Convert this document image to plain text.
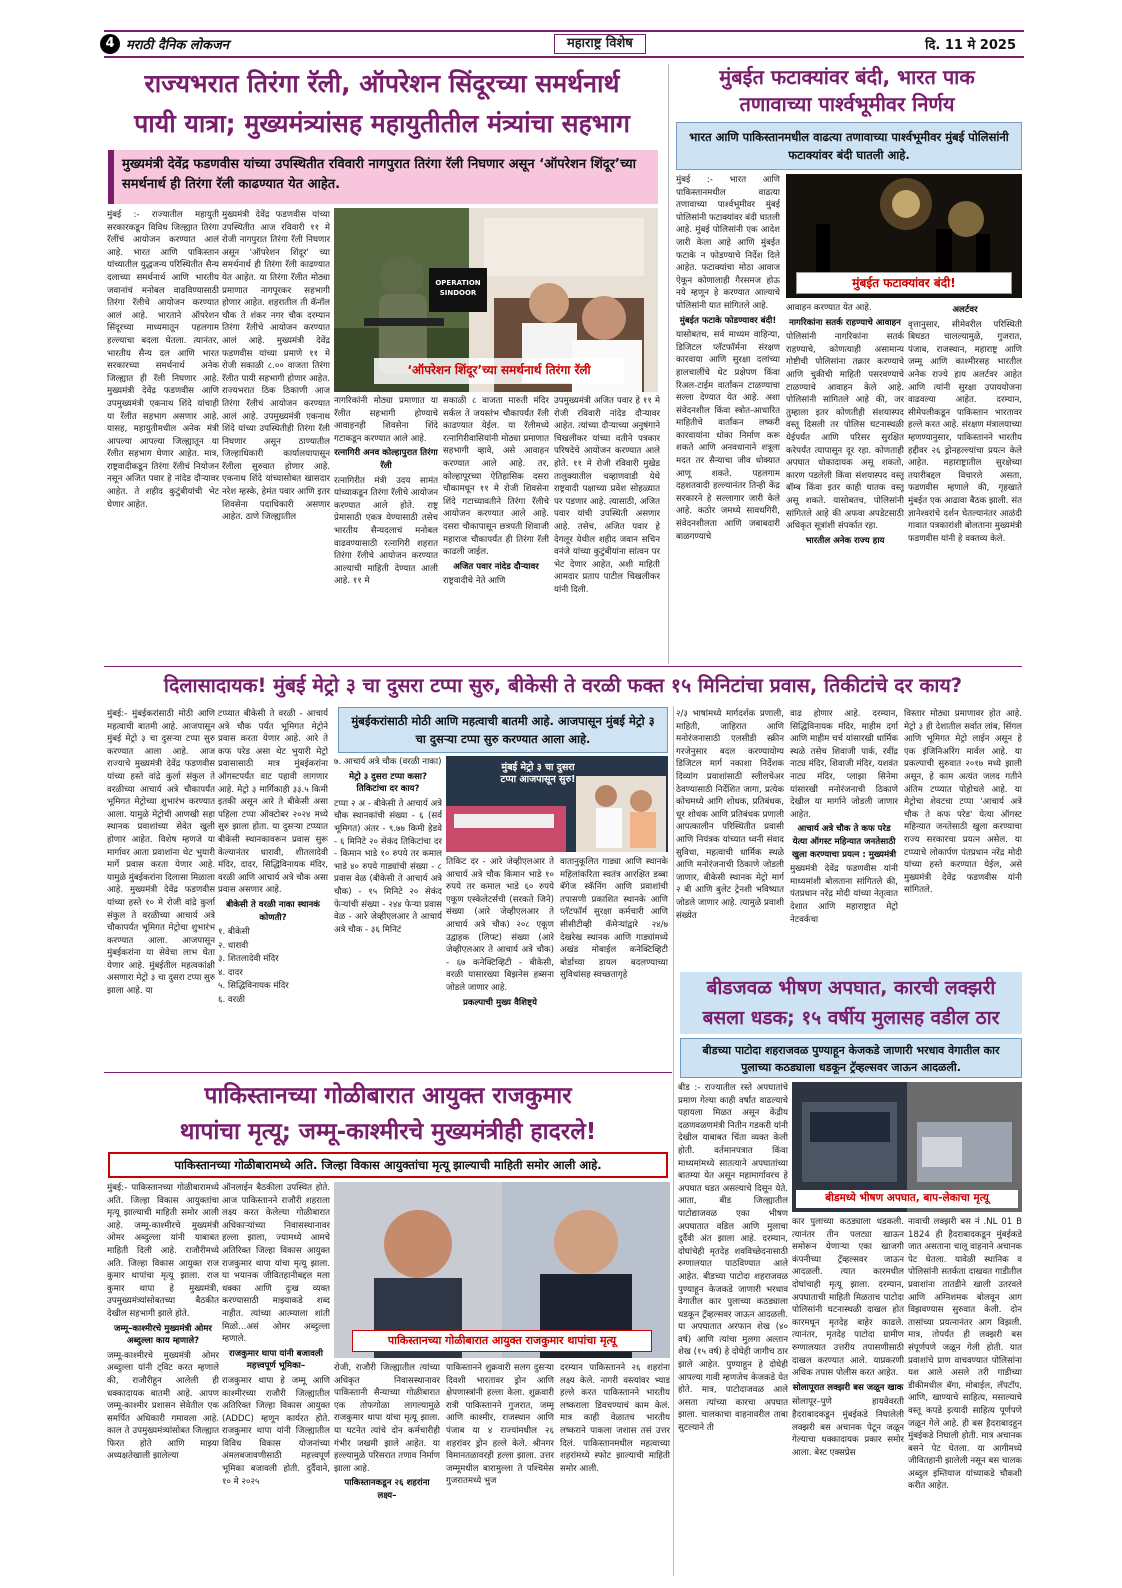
4 मराठी दैनिक लोकजन	महाराष्ट्र विशेष	दि. 11 मे 2025
राज्यभरात तिरंगा रॅली, ऑपरेशन सिंदूरच्या समर्थनार्थ
पायी यात्रा; मुख्यमंत्र्यांसह महायुतीतील मंत्र्यांचा सहभाग
मुख्यमंत्री देवेंद्र फडणवीस यांच्या उपस्थितीत रविवारी नागपुरात तिरंगा रॅली निघणार असून ‘ऑपरेशन शिंदूर’च्या समर्थनार्थ ही तिरंगा रॅली काढण्यात येत आहेत.

मुंबई :- राज्यातील महायुती सरकारकडून विविध जिल्ह्यात तिरंगा रॅलींचं आयोजन करण्यात आलं आहे. भारत आणि पाकिस्तान यांच्यातील युद्धजन्य परिस्थितीत सैन्य दलाच्या समर्थनार्थ आणि भारतीय जवानांचं मनोबल वाढविण्यासाठी तिरंगा रॅलीचे आयोजन करण्यात आलं आहे. भारताने ऑपरेशन सिंदूरच्या माध्यमातून पहलगाम हल्ल्याचा बदला घेतला. त्यानंतर, भारतीय सैन्य दल आणि भारत सरकारच्या समर्थनार्थ अनेक जिल्ह्यात ही रॅली निघणार आहे. मुख्यमंत्री देवेंद्र फडणवीस आणि उपमुख्यमंत्री एकनाथ शिंदे यांचाही या रॅलीत सहभाग असणार आहे. यासह, महायुतीमधील अनेक मंत्री आपल्या आपल्या जिल्ह्यातून या रॅलीत सहभाग घेणार आहेत. मात्र, राष्ट्रवादीकडून तिरंगा रॅलीचं नियोजन नसून अजित पवार हे नांदेड दौऱ्यावर आहेत. ते शहीद कुटुंबीयांची भेट घेणार आहेत.

मुख्यमंत्री देवेंद्र फडणवीस यांच्या उपस्थितीत आज रविवारी ११ मे रोजी नागपुरात तिरंगा रॅली निघणार असून 'ऑपरेशन शिंदूर' च्या समर्थनार्थ ही तिरंगा रॅली काढण्यात येत आहेत. या तिरंगा रॅलीत मोठ्या प्रमाणात नागपूरकर सहभागी होणार आहेत. शहरातील ती कॅनॉल चौक ते शंकर नगर चौक दरम्यान तिरंगा रॅलीचे आयोजन करण्यात आलं आहे. मुख्यमंत्री देवेंद्र फडणवीस यांच्या प्रमाणे ११ मे रोजी सकाळी ८.०० वाजता तिरंगा रॅलीत पायी सहभागी होणार आहेत. राज्यभरात ठिक ठिकाणी आज तिरंगा रॅलीचं आयोजन करण्यात आलं आहे. उपमुख्यमंत्री एकनाथ शिंदे यांच्या उपस्थितीही तिरंगा रॅली निघणार असून ठाण्यातील जिल्हाधिकारी कार्यालयापासून रॅलीला सुरुवात होणार आहे. एकनाथ शिंदे यांच्यासोबत खासदार नरेश म्हस्के, हेमंत पवार आणि इतर शिवसेना पदाधिकारी असणार आहेत. ठाणे जिल्ह्यातील

OPERATION SINDOOR
‘ऑपरेशन शिंदूर’च्या समर्थनार्थ तिरंगा रॅली

नागरिकांनी मोठ्या प्रमाणात या रॅलीत सहभागी होण्याचे आवाहनही शिवसेना शिंदे गटाकडून करण्यात आले आहे.

रत्नागिरी अनव कोल्हापुरात तिरंगा रॅली

रत्नागिरीत मंत्री उदय सामंत यांच्याकडून तिरंगा रॅलीचे आयोजन करण्यात आले होते. राष्ट्र प्रेमासाठी एकत्र येण्यासाठी तसेच भारतीय सैन्यदलाचं मनोबल वाढवण्यासाठी रत्नागिरी शहरात तिरंगा रॅलीचे आयोजन करण्यात आल्याची माहिती देण्यात आली आहे. ११ मे

सकाळी ८ वाजता मारुती मंदिर सर्कल ते जयस्तंभ चौकापर्यंत रॅली काढण्यात येईल. या रॅलीमध्ये रत्नागिरीवासियांनी मोठ्या प्रमाणात सहभागी व्हावे, असे आवाहन करण्यात आले आहे. तर, कोल्हापूरच्या ऐतिहासिक दसरा चौकामधून ११ मे रोजी शिवसेना शिंदे गटाच्यावतीने तिरंगा रॅलीचे आयोजन करण्यात आले आहे. दसरा चौकापासून छत्रपती शिवाजी महाराज चौकापर्यंत ही तिरंगा रॅली काढली जाईल.

अजित पवार नांदेड दौऱ्यावर

राष्ट्रवादीचे नेते आणि

उपमुख्यमंत्री अजित पवार हे ११ मे रोजी रविवारी नांदेड दौऱ्यावर आहेत. त्यांच्या दौऱ्याच्या अनुषंगाने चिखलीकर यांच्या वतीने पत्रकार परिषदेचे आयोजन करण्यात आले होते. ११ मे रोजी रविवारी मुखेड तालुक्यातील चव्हाणवाडी येथे राष्ट्रवादी पक्षाच्या प्रवेश सोहळ्यात पर पडणार आहे. त्यासाठी, अजित पवार यांची उपस्थिती असणार आहे. तसेच, अजित पवार हे देगलूर येथील शहीद जवान सचिन वनंजे यांच्या कुटुंबीयांना सांत्वन पर भेट देणार आहेत, अशी माहिती आमदार प्रताप पाटील चिखलीकर यांनी दिली.

मुंबईत फटाक्यांवर बंदी, भारत पाक
तणावाच्या पार्श्वभूमीवर निर्णय
भारत आणि पाकिस्तानमधील वाढत्या तणावाच्या पार्श्वभूमीवर मुंबई पोलिसांनी फटाक्यांवर बंदी घातली आहे.

मुंबई :- भारत आणि पाकिस्तानमधील वाढत्या तणावाच्या पार्श्वभूमीवर मुंबई पोलिसांनी फटाक्यांवर बंदी घातली आहे. मुंबई पोलिसांनी एक आदेश जारी केला आहे आणि मुंबईत फटाके न फोडण्याचे निर्देश दिले आहेत. फटाक्यांचा मोठा आवाज ऐकून कोणालाही गैरसमज होऊ नये म्हणून हे करण्यात आल्याचे पोलिसांनी यात सांगितले आहे.

मुंबईत फटाके फोडण्यावर बंदी!

यासोबतच, सर्व माध्यम वाहिन्या, डिजिटल प्लॅटफॉर्मना संरक्षण कारवाया आणि सुरक्षा दलांच्या हालचालींचे थेट प्रक्षेपण किंवा रिअल-टाईम वार्तांकन टाळण्याचा सल्ला देण्यात येत आहे. अशा संवेदनशील किंवा स्त्रोत-आधारित माहितीचे वार्तांकन लष्करी कारवायांना धोका निर्माण करू शकते आणि अनवधानाने शत्रूला मदत तर सैन्याचा जीव धोक्यात आणू शकते. पहलगाम दहशतवादी हल्ल्यानंतर तिन्ही केंद्र सरकारने हे सल्लागार जारी केले आहे. कठोर जमध्ये सावधगिरी, संवेदनशीलता आणि जबाबदारी बाळगण्याचे

मुंबईत फटाक्यांवर बंदी!

आवाहन करण्यात येत आहे.

नागरिकांना सतर्क राहण्याचे आवाहन

पोलिसांनी नागरिकांना सतर्क राहण्याचे, कोणत्याही असामान्य गोष्टीची पोलिसांना तक्रार करण्याचे आणि चुकीची माहिती पसरवण्याचे टाळण्याचे आवाहन केले आहे. पोलिसांनी सांगितले आहे की, जर तुम्हाला इतर कोणतीही संशयास्पद वस्तू दिसली तर पोलिस घटनास्थळी येईपर्यंत आणि परिसर सुरक्षित करेपर्यंत त्यापासून दूर रहा. कोणताही अपघात धोकादायक असू शकतो, कारण पडलेली किंवा संशयास्पद वस्तू बॉम्ब किंवा इतर काही घातक वस्तू असू शकते. यासोबतच, पोलिसांनी सांगितले आहे की अफवा अपडेटसाठी अधिकृत सूत्रांशी संपर्कात रहा.

भारतील अनेक राज्य हाय
अलर्टवर

वृत्तानुसार, सीमेवरील परिस्थिती बिघडत चालल्यामुळे, गुजरात, पंजाब, राजस्थान, महाराष्ट्र आणि जम्मू आणि काश्मीरसह भारतील अनेक राज्ये हाय अलर्टवर आहेत आणि त्यांनी सुरक्षा उपाययोजना वाढवल्या आहेत. दरम्यान, सीमेपलीकडून पाकिस्तान भारतावर हल्ले करत आहे. संरक्षण मंत्रालयाच्या म्हणण्यानुसार, पाकिस्तानने भारतीय हद्दीवर २६ ड्रोनहल्ल्यांचा प्रयत्न केले आहेत. महाराष्ट्रातील सुरक्षेच्या तयारीबद्दल विचारले असता, फडणवीस म्हणाले की, गृहखाते मुंबईत एक आढावा बैठक झाली. संत ज्ञानेश्वरांचे दर्शन घेतल्यानंतर आळंदी गावात पत्रकारांशी बोलताना मुख्यमंत्री फडणवीस यांनी हे वक्तव्य केले.

दिलासादायक! मुंबई मेट्रो ३ चा दुसरा टप्पा सुरु, बीकेसी ते वरळी फक्त १५ मिनिटांचा प्रवास, तिकीटांचे दर काय?

मुंबई:- मुंबईकरांसाठी मोठी आणि महत्वाची बातमी आहे. आजपासून मुंबई मेट्रो ३ चा दुसऱ्या टप्पा सुरु करण्यात आला आहे. आज राज्याचे मुख्यमंत्री देवेंद्र फडणवीस यांच्या हस्ते वांद्रे कुर्ला संकुल ते वरळीच्या आचार्य अत्रे चौकापर्यंत भूमिगत मेट्रोच्या शुभारंभ करण्यात आला. यामुळे मेट्रोची आणखी सहा स्थानक प्रवाशांच्या सेवेत खुली होणार आहेत. विशेष म्हणजे या मार्गावर आता प्रवाशांना थेट भुयारी मार्गे प्रवास करता येणार आहे. यामुळे मुंबईकरांना दिलासा मिळाला आहे. मुख्यमंत्री देवेंद्र फडणवीस यांच्या हस्ते १० मे रोजी वांद्रे कुर्ला संकुल ते वरळीच्या आचार्य अत्रे चौकापर्यंत भूमिगत मेट्रोचा शुभारंभ करण्यात आला. आजपासून मुंबईकरांना या सेवेचा लाभ घेता येणार आहे. मुंबईतील महत्वकांक्षी असणारा मेट्रो ३ चा दुसरा टप्पा सुरु झाला आहे. या

टप्प्यात बीकेसी ते वरळी - आचार्य अत्रे चौक पर्यंत भूमिगत मेट्रोने प्रवास करता येणार आहे. आरे ते कफ परेड असा थेट भुयारी मेट्रो प्रवासासाठी मात्र मुंबईकरांना ऑगस्टपर्यंत वाट पहावी लागणार आहे. मेट्रो ३ मार्गिकाही ३३.५ किमी इतकी असून आरे ते बीकेसी असा पहिला टप्पा ऑक्टोबर २०२४ मध्ये सुरु झाला होता. या दुसऱ्या टप्प्यात बीकेसी स्थानकावरून प्रवास सुरू केल्यानंतर धारावी, शीतलादेवी मंदिर, दादर, सिद्धिविनायक मंदिर, वरळी आणि आचार्य अत्रे चौक असा प्रवास असणार आहे.

बीकेसी ते वरळी नाका स्थानकं कोणती?
१. बीकेसी
२. धारावी
३. शितलादेवी मंदिर
४. दादर
५. सिद्धिविनायक मंदिर
६. वरळी
मुंबईकरांसाठी मोठी आणि महत्वाची बातमी आहे. आजपासून मुंबई मेट्रो ३ चा दुसऱ्या टप्पा सुरु करण्यात आला आहे.

७. आचार्य अत्रे चौक (वरळी नाका)

मेट्रो ३ दुसरा टप्पा कसा? तिकिटांचा दर काय?

टप्पा २ अ - बीकेसी ते आचार्य अत्रे चौक स्थानकांची संख्या - ६ (सर्व भूमिगत) अंतर - ९.७७ किमी हेडवे - ६ मिनिटे २० सेकंद तिकिटांचा दर - किमान भाडे १० रुपये तर कमाल भाडे ४० रुपये गाड्यांची संख्या - ८ प्रवास वेळ (बीकेसी ते आचार्य अत्रे चौक) - १५ मिनिटे २० सेकंद फेऱ्यांची संख्या - २४४ फेऱ्या प्रवास वेळ - आरे जेव्हीएलआर ते आचार्य अत्रे चौक - ३६ मिनिटं

मुंबई मेट्रो ३ चा दुसरा टप्पा आजपासून सुरु!

तिकिट दर - आरे जेव्हीएलआर ते आचार्य अत्रे चौक किमान भाडे १० रुपये तर कमाल भाडे ६० रुपये एकूण एस्केलेटर्सची (सरकते जिने) संख्या (आरे जेव्हीएलआर ते आचार्य अत्रे चौक) २०८ एकूण उद्वाहक (लिफ्ट) संख्या (आरे जेव्हीएलआर ते आचार्य अत्रे चौक) - ६७ कनेक्टिव्हिटी - बीकेसी, वरळी यासारख्या बिझनेस हब्सना जोडले जाणार आहे.

प्रकल्पाची मुख्य वैशिष्ट्ये

वातानुकूलित गाड्या आणि स्थानके महिलांकरिता स्वतंत्र आरक्षित डब्बा बॅगेज स्कॅनिंग आणि प्रवाशांची तपासणी प्रकाशित स्थानके आणि प्लॅटफॉर्म सुरक्षा कर्मचारी आणि सीसीटीव्ही कॅमेऱ्यांद्वारे २४/७ देखरेख स्थानक आणि गाड्यांमध्ये अखंड मोबाईल कनेक्टिव्हिटी बोर्डाच्या डायल बदलण्याच्या सुविधांसह स्वच्छतागृहे

२/३ भाषांमध्ये मार्गदर्शक प्रणाली, माहिती, जाहिरात आणि मनोरंजनासाठी एलसीडी स्क्रीन गरजेनुसार बदल करण्यायोग्य डिजिटल मार्ग नकाशा निर्देशक दिव्यांग प्रवाशांसाठी स्लीलचेअर ठेवण्यासाठी निर्देशित जागा, प्रत्येक कोचमध्ये आगि शोधक, प्रतिबंधक, धूर शोधक आणि प्रतिबंधक प्रणाली आपत्कालीन परिस्थितीत प्रवासी आणि नियंत्रक यांच्यात ध्वनी संवाद सुविधा, महत्वाची धार्मिक स्थळे आणि मनोरंजनाची ठिकाणे जोडली जाणार, बीकेसी स्थानक मेट्रो मार्ग २ बी आणि बुलेट ट्रेनशी भविष्यात जोडले जाणार आहे. त्यामुळे प्रवाशी संख्येत

वाढ होणार आहे. दरम्यान, सिद्धिविनायक मंदिर, माहीम दर्गा आणि माहीम चर्च यांसारखी धार्मिक स्थळे तसेच शिवाजी पार्क, रवींद्र नाट्य मंदिर, शिवाजी मंदिर, यशवंत नाट्य मंदिर, प्लाझा सिनेमा यांसारखी मनोरंजनाची ठिकाणे देखील या मार्गाने जोडली जाणार आहेत.

आचार्य अत्रे चौक ते कफ परेड येत्या ऑगस्ट महिन्यात जनतेसाठी खुला करण्याचा प्रयत्न : मुख्यमंत्री

मुख्यमंत्री देवेंद्र फडणवीस यांनी माध्यमांशी बोलताना सांगितले की, पंतप्रधान नरेंद्र मोदी यांच्या नेतृत्वात देशात आणि महाराष्ट्रात मेट्रो नेटवर्कचा

विस्तार मोठ्या प्रमाणावर होत आहे. मेट्रो ३ ही देशातील सर्वात लांब, सिंगल आणि भूमिगत मेट्रो लाईन असून हे एक इंजिनिअरिंग मार्वल आहे. या प्रकल्पाची सुरुवात २०१७ मध्ये झाली असून, हे काम अत्यंत जलद गतीने अंतिम टप्प्यात पोहोचले आहे. या मेट्रोचा शेवटचा टप्पा 'आचार्य अत्रे चौक ते कफ परेड' येत्या ऑगस्ट महिन्यात जनतेसाठी खुला करण्याचा राज्य सरकारचा प्रयत्न असेल. या टप्प्याचे लोकार्पण पंतप्रधान नरेंद्र मोदी यांच्या हस्ते करण्यात येईल, असे मुख्यमंत्री देवेंद्र फडणवीस यांनी सांगितले.

बीडजवळ भीषण अपघात, कारची लक्झरी
बसला धडक; १५ वर्षीय मुलासह वडील ठार
बीडच्या पाटोदा शहराजवळ पुण्याहून केजकडे जाणारी भरधाव वेगातील कार पुलाच्या कठड्याला धडकून ट्रॅव्हल्सवर जाऊन आदळली.

बीड :- राज्यातील रस्ते अपघातांचे प्रमाण गेल्या काही वर्षांत वाढल्याचे पहायला मिळत असून केंद्रीय दळणवळणमंत्री नितीन गडकरी यांनी देखील याबाबत चिंता व्यक्त केली होती. वर्तमानपत्रात किंवा माध्यमांमध्ये सातत्याने अपघातांच्या बातम्या येत असून महामार्गावरच हे अपघात घडत असल्याचे दिसून येते. आता, बीड जिल्ह्यातील पाटोद्याजवळ एका भीषण अपघातात वडिल आणि मुलाचा दुर्दैवी अंत झाला आहे. दरम्यान, दोघांचेही मृतदेह शवविच्छेदनासाठी रुग्णालयात पाठविण्यात आले आहेत. बीडच्या पाटोदा शहराजवळ पुण्याहून केजकडे जाणारी भरधाव वेगातील कार पुलाच्या कठड्याला धडकून ट्रॅव्हल्सवर जाऊन आदळली. या अपघातात अरफान शेख (४० वर्ष) आणि त्यांचा मुलगा अल्तान शेख (१५ वर्ष) हे दोघेही जागीच ठार झाले आहेत. पुण्याहून हे दोघेही आपल्या गावी म्हणजेच केजकडे येत होते. मात्र, पाटोदाजवळ आले असता त्यांच्या कारचा अपघात झाला. चालकाचा वाहनावरील ताबा सुटल्याने ती

बीडमध्ये भीषण अपघात, बाप-लेकाचा मृत्यू

कार पुलाच्या कठड्याला धडकली. त्यानंतर तीन पलट्या खाऊन समोरून येणाऱ्या एका खाजगी कंपनीच्या ट्रॅव्हल्सवर जाऊन आदळली. त्यात कारमधील दोघांचाही मृत्यू झाला. दरम्यान, अपघाताची माहिती मिळताच पाटोदा पोलिसांनी घटनास्थळी दाखल होत कारमधून मृतदेह बाहेर काढले. त्यानंतर, मृतदेह पाटोदा ग्रामीण रुग्णालयात उत्तरीय तपासणीसाठी दाखल करण्यात आले. याप्रकरणी अधिक तपास पोलीस करत आहेत.

सोलापूरात लक्झरी बस जळून खाक

सोलापूर–पुणे हायवेवरती हैदराबादकडून मुंबईकडे निघालेली लक्झरी बस अचानक पेटून जळून गेल्याचा धक्कादायक प्रकार समोर आला. बेस्ट एक्सप्रेस

नावाची लक्झरी बस नं .NL 01 B 1824 ही हैदराबादकडून मुंबईकडे जात असताना चालू वाहनाने अचानक पेट घेतला. यावेळी स्थानिक व पोलिसांनी सतर्कता दाखवत गाडीतील प्रवाशांना तातडीने खाली उतरवले आणि अग्निशमक बोलवून आग विझवण्यास सुरुवात केली. दोन तासांच्या प्रयत्नानंतर आग विझली. मात्र, तोपर्यंत ही लक्झरी बस संपूर्णपणे जळून गेली होती. यात प्रवाशांचे प्राण वाचवण्यात पोलिसांना यश आले असले तरी गाडीच्या डीकीमधील बॅगा, मोबाईल, लॅपटॉप, आणि, खाण्याचे साहित्य, मसाल्याचे वस्तू कपडे इत्यादी साहित्य पूर्णपणे जळून गेले आहे. ही बस हैदराबादहून मुंबईकडे निघाली होती. मात्र अचानक बसने पेट घेतला. या आगीमध्ये जीवितहानी झालेली नसून बस चालक अब्दुल इम्तियाज यांच्याकडे चौकशी करीत आहेत.

पाकिस्तानच्या गोळीबारात आयुक्त राजकुमार
थापांचा मृत्यू; जम्मू-काश्मीरचे मुख्यमंत्रीही हादरले!
पाकिस्तानच्या गोळीबारामध्ये अति. जिल्हा विकास आयुक्तांचा मृत्यू झाल्याची माहिती समोर आली आहे.

मुंबई:- पाकिस्तानच्या गोळीबारामध्ये अति. जिल्हा विकास आयुक्तांचा मृत्यू झाल्याची माहिती समोर आली आहे. जम्मू-काश्मीरचे मुख्यमंत्री ओमर अब्दुल्ला यांनी याबाबत माहिती दिली आहे. राजौरीमध्ये अति. जिल्हा विकास आयुक्त राज कुमार थापांचा मृत्यू झाला. राज कुमार थापा हे मुख्यमंत्री, उपमुख्यमंत्र्यांसोबतच्या बैठकीत देखील सहभागी झाले होते.

जम्मू–काश्मीरचे मुख्यमंत्री ओमर अब्दुल्ला काय म्हणाले?

जम्मू-काश्मीरचे मुख्यमंत्री ओमर अब्दुल्ला यांनी ट्विट करत म्हणाले की, राजौरीहून आलेली ही धक्कादायक बातमी आहे. आपण जम्मू-काश्मीर प्रशासन सेवेतील एक समर्पित अधिकारी गमावला आहे. काल ते उपमुख्यमंत्र्यांसोबत जिल्ह्यात फिरत होते आणि माझ्या अध्यक्षतेखाली झालेल्या

ऑनलाईन बैठकीला उपस्थित होते. आज पाकिस्तानने राजौरी शहराला लक्ष्य करत केलेल्या गोळीबारात अधिकाऱ्यांच्या निवासस्थानावर हल्ला झाला, ज्यामध्ये आमचे अतिरिक्त जिल्हा विकास आयुक्त राजकुमार थापा यांचा मृत्यू झाला. या भयानक जीवितहानीबद्दल मला धक्का आणि दुःख व्यक्त करण्यासाठी माझ्याकडे शब्द नाहीत. त्यांच्या आत्म्याला शांती मिळो...असं ओमर अब्दुल्ला म्हणाले.

राजकुमार थापा यांनी बजावली महत्त्वपूर्ण भूमिका–

राजकुमार थापा हे जम्मू आणि काश्मीरच्या राजौरी जिल्ह्यातील अतिरिक्त जिल्हा विकास आयुक्त (ADDC) म्हणून कार्यरत होते. राजकुमार थापा यांनी जिल्ह्यातील विविध विकास योजनांच्या अंमलबजावणीसाठी महत्त्वपूर्ण भूमिका बजावली होती. दुर्दैवाने, १० मे २०२५

पाकिस्तानच्या गोळीबारात आयुक्त राजकुमार थापांचा मृत्यू

रोजी, राजौरी जिल्ह्यातील त्यांच्या अधिकृत निवासस्थानावर पाकिस्तानी सैन्याच्या गोळीबारात एक तोफगोळा लागल्यामुळे राजकुमार थापा यांचा मृत्यू झाला. या घटनेत त्यांचे दोन कर्मचारीही गंभीर जखमी झाले आहेत. या हल्ल्यामुळे परिसरात तणाव निर्माण झाला आहे.

पाकिस्तानकडून २६ शहरांना लक्ष्य–

पाकिस्तानने शुक्रवारी सलग दुसऱ्या दिवशी भारतावर ड्रोन आणि क्षेपणास्त्रांनी हल्ला केला. शुक्रवारी रात्री पाकिस्तानने गुजरात, जम्मू आणि काश्मीर, राजस्थान आणि पंजाब या ४ राज्यांमधील २६ शहरांवर ड्रोन हल्ले केले. श्रीनगर विमानतळावरही हल्ला झाला. उत्तर जम्मूमधील बारामुल्ला ते पश्चिमेस गुजरातमध्ये भुज

दरम्यान पाकिस्तानने २६ शहरांना लक्ष्य केले. नागरी वस्त्यांवर भ्याड हल्ले करत पाकिस्तानने भारतीय लष्कराला डिवचण्याचं काम केलं. मात्र काही वेळातच भारतीय लष्कराने पाकला जशास तसं उत्तर दिलं. पाकिस्तानमधील महत्वाच्या शहरांमध्ये स्फोट झाल्याची माहिती समोर आली.
